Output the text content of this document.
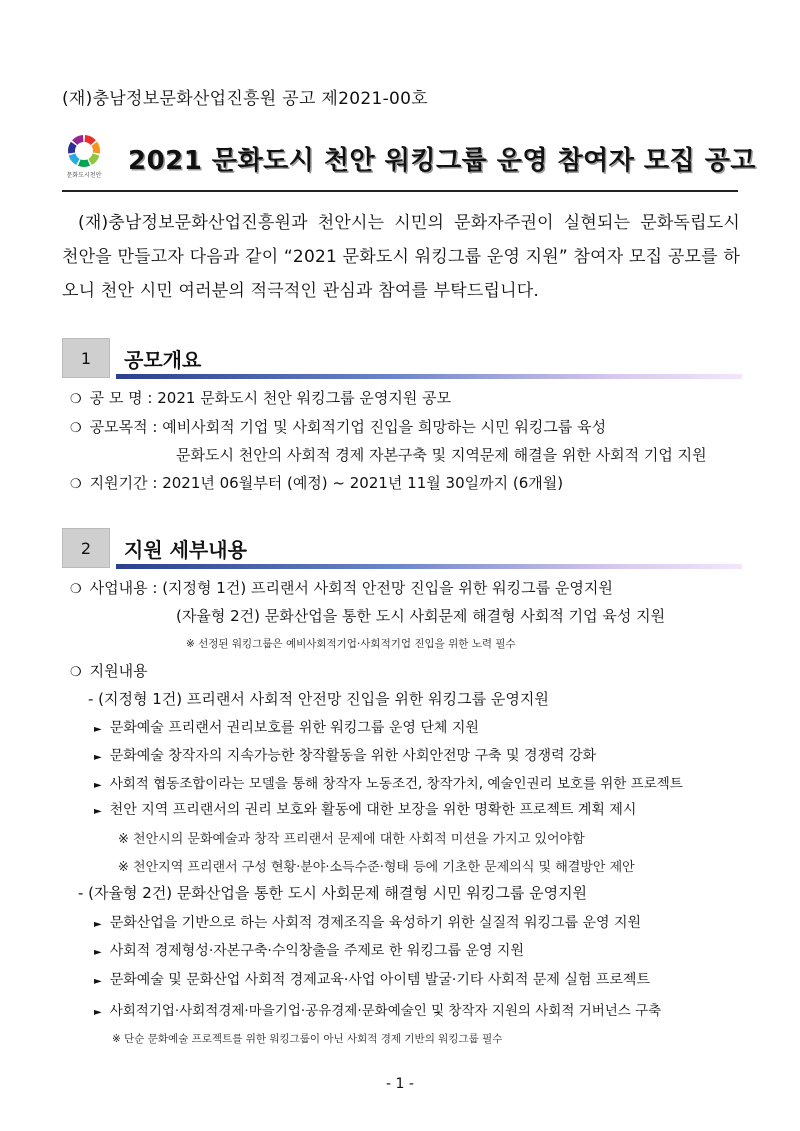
(재)충남정보문화산업진흥원 공고 제2021-00호
문화도시천안 2021 문화도시 천안 워킹그룹 운영 참여자 모집 공고
(재)충남정보문화산업진흥원과 천안시는 시민의 문화자주권이 실현되는 문화독립도시 천안을 만들고자 다음과 같이 “2021 문화도시 워킹그룹 운영 지원” 참여자 모집 공모를 하오니 천안 시민 여러분의 적극적인 관심과 참여를 부탁드립니다.
1	공모개요
❍ 공 모 명 : 2021 문화도시 천안 워킹그룹 운영지원 공모
❍ 공모목적 : 예비사회적 기업 및 사회적기업 진입을 희망하는 시민 워킹그룹 육성
문화도시 천안의 사회적 경제 자본구축 및 지역문제 해결을 위한 사회적 기업 지원
❍ 지원기간 : 2021년 06월부터 (예정) ~ 2021년 11월 30일까지 (6개월)
2	지원 세부내용
❍ 사업내용 : (지정형 1건) 프리랜서 사회적 안전망 진입을 위한 워킹그룹 운영지원
(자율형 2건) 문화산업을 통한 도시 사회문제 해결형 사회적 기업 육성 지원
※ 선정된 워킹그룹은 예비사회적기업·사회적기업 진입을 위한 노력 필수
❍ 지원내용
- (지정형 1건) 프리랜서 사회적 안전망 진입을 위한 워킹그룹 운영지원
► 문화예술 프리랜서 권리보호를 위한 워킹그룹 운영 단체 지원
► 문화예술 창작자의 지속가능한 창작활동을 위한 사회안전망 구축 및 경쟁력 강화
► 사회적 협동조합이라는 모델을 통해 창작자 노동조건, 창작가치, 예술인권리 보호를 위한 프로젝트
► 천안 지역 프리랜서의 권리 보호와 활동에 대한 보장을 위한 명확한 프로젝트 계획 제시
※ 천안시의 문화예술과 창작 프리랜서 문제에 대한 사회적 미션을 가지고 있어야함
※ 천안지역 프리랜서 구성 현황·분야·소득수준·형태 등에 기초한 문제의식 및 해결방안 제안
- (자율형 2건) 문화산업을 통한 도시 사회문제 해결형 시민 워킹그룹 운영지원
► 문화산업을 기반으로 하는 사회적 경제조직을 육성하기 위한 실질적 워킹그룹 운영 지원
► 사회적 경제형성·자본구축·수익창출을 주제로 한 워킹그룹 운영 지원
► 문화예술 및 문화산업 사회적 경제교육·사업 아이템 발굴·기타 사회적 문제 실험 프로젝트
► 사회적기업·사회적경제·마을기업·공유경제·문화예술인 및 창작자 지원의 사회적 거버넌스 구축
※ 단순 문화예술 프로젝트를 위한 워킹그룹이 아닌 사회적 경제 기반의 워킹그룹 필수
- 1 -
